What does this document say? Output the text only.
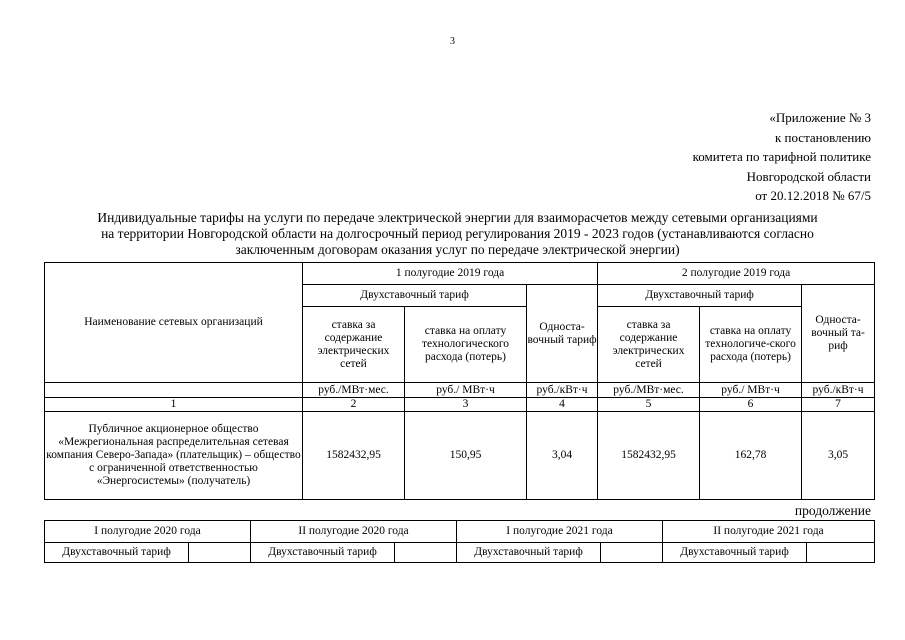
3
«Приложение № 3
к постановлению
комитета по тарифной политике
Новгородской области
от 20.12.2018 № 67/5
Индивидуальные тарифы на услуги по передаче электрической энергии для взаиморасчетов между сетевыми организациями
на территории Новгородской области на долгосрочный период регулирования 2019 - 2023 годов (устанавливаются согласно
заключенным договорам оказания услуг по передаче электрической энергии)
Наименование сетевых организаций	1 полугодие 2019 года			2 полугодие 2019 года		
	Двухставочный тариф		Односта-вочный тариф	Двухставочный тариф		Односта-вочный та-риф
	ставка за содержание электрических сетей	ставка на оплату технологического расхода (потерь)		ставка за содержание электрических сетей	ставка на оплату технологиче-ского расхода (потерь)	
	руб./МВт·мес.	руб./ МВт·ч	руб./кВт·ч	руб./МВт·мес.	руб./ МВт·ч	руб./кВт·ч
1	2	3	4	5	6	7
Публичное акционерное общество «Межрегиональная распределительная сетевая компания Северо-Запада» (плательщик) – общество с ограниченной ответственностью «Энергосистемы» (получатель)	1582432,95	150,95	3,04	1582432,95	162,78	3,05
продолжение
I полугодие 2020 года		II полугодие 2020 года		I полугодие 2021 года		II полугодие 2021 года	
Двухставочный тариф		Двухставочный тариф		Двухставочный тариф		Двухставочный тариф	
